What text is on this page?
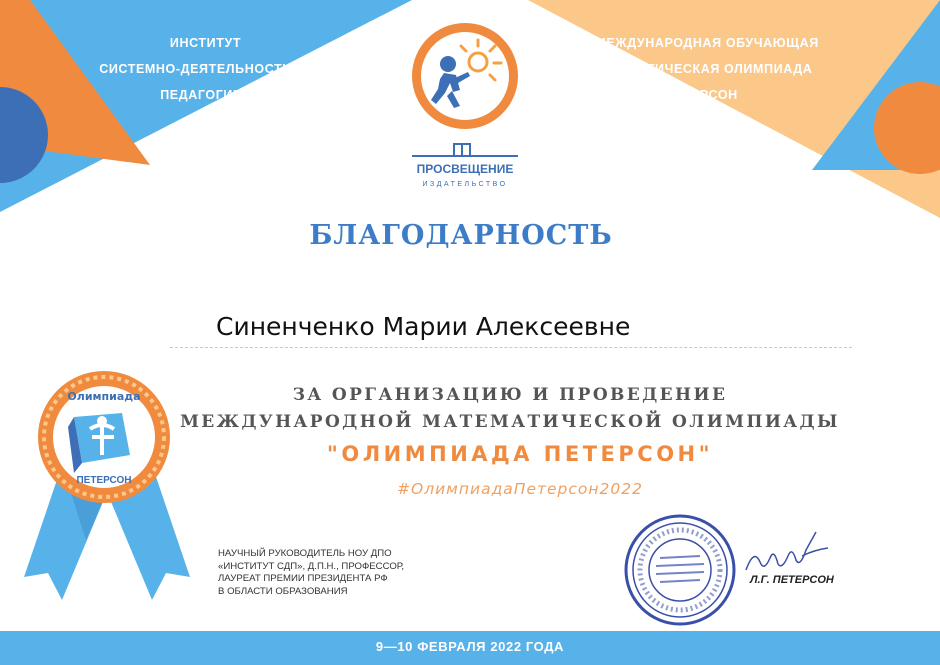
ИНСТИТУТ
СИСТЕМНО-ДЕЯТЕЛЬНОСТНОЙ
ПЕДАГОГИКИ
II МЕЖДУНАРОДНАЯ ОБУЧАЮЩАЯ
МАТЕМАТИЧЕСКАЯ ОЛИМПИАДА
ПЕТЕРСОН
ПРОСВЕЩЕНИЕ
ИЗДАТЕЛЬСТВО
БЛАГОДАРНОСТЬ
Синенченко Марии Алексеевне
ЗА ОРГАНИЗАЦИЮ И ПРОВЕДЕНИЕ
МЕЖДУНАРОДНОЙ МАТЕМАТИЧЕСКОЙ ОЛИМПИАДЫ
"ОЛИМПИАДА ПЕТЕРСОН"
#ОлимпиадаПетерсон2022
Олимпиада
ПЕТЕРСОН
НАУЧНЫЙ РУКОВОДИТЕЛЬ НОУ ДПО
«ИНСТИТУТ СДП», Д.П.Н., ПРОФЕССОР,
ЛАУРЕАТ ПРЕМИИ ПРЕЗИДЕНТА РФ
В ОБЛАСТИ ОБРАЗОВАНИЯ
Л.Г. ПЕТЕРСОН
9—10 ФЕВРАЛЯ 2022 ГОДА
